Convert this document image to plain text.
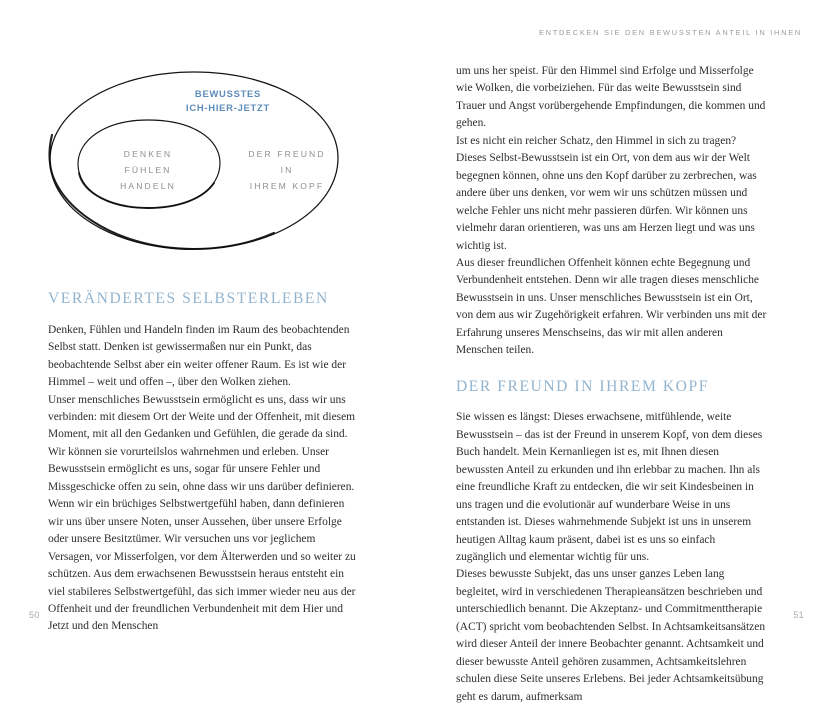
ENTDECKEN SIE DEN BEWUSSTEN ANTEIL IN IHNEN
BEWUSSTES
ICH-HIER-JETZT
DENKEN
FÜHLEN
HANDELN
DER FREUND
IN
IHREM KOPF
VERÄNDERTES SELBSTERLEBEN

Denken, Fühlen und Handeln finden im Raum des beobachtenden Selbst statt. Denken ist gewissermaßen nur ein Punkt, das beobachtende Selbst aber ein weiter offener Raum. Es ist wie der Himmel – weit und offen –, über den Wolken ziehen.

Unser menschliches Bewusstsein ermöglicht es uns, dass wir uns verbinden: mit diesem Ort der Weite und der Offenheit, mit diesem Moment, mit all den Gedanken und Gefühlen, die gerade da sind. Wir können sie vorurteilslos wahrnehmen und erleben. Unser Bewusstsein ermöglicht es uns, sogar für unsere Fehler und Missgeschicke offen zu sein, ohne dass wir uns darüber definieren.

Wenn wir ein brüchiges Selbstwertgefühl haben, dann definieren wir uns über unsere Noten, unser Aussehen, über unsere Erfolge oder unsere Besitztümer. Wir versuchen uns vor jeglichem Versagen, vor Misserfolgen, vor dem Älterwerden und so weiter zu schützen. Aus dem erwachsenen Bewusstsein heraus entsteht ein viel stabileres Selbstwertgefühl, das sich immer wieder neu aus der Offenheit und der freundlichen Verbundenheit mit dem Hier und Jetzt und den Menschen

50

um uns her speist. Für den Himmel sind Erfolge und Misserfolge wie Wolken, die vorbeiziehen. Für das weite Bewusstsein sind Trauer und Angst vorübergehende Empfindungen, die kommen und gehen.

Ist es nicht ein reicher Schatz, den Himmel in sich zu tragen? Dieses Selbst-Bewusstsein ist ein Ort, von dem aus wir der Welt begegnen können, ohne uns den Kopf darüber zu zerbrechen, was andere über uns denken, vor wem wir uns schützen müssen und welche Fehler uns nicht mehr passieren dürfen. Wir können uns vielmehr daran orientieren, was uns am Herzen liegt und was uns wichtig ist.

Aus dieser freundlichen Offenheit können echte Begegnung und Verbundenheit entstehen. Denn wir alle tragen dieses menschliche Bewusstsein in uns. Unser menschliches Bewusstsein ist ein Ort, von dem aus wir Zugehörigkeit erfahren. Wir verbinden uns mit der Erfahrung unseres Menschseins, das wir mit allen anderen Menschen teilen.

DER FREUND IN IHREM KOPF

Sie wissen es längst: Dieses erwachsene, mitfühlende, weite Bewusstsein – das ist der Freund in unserem Kopf, von dem dieses Buch handelt. Mein Kernanliegen ist es, mit Ihnen diesen bewussten Anteil zu erkunden und ihn erlebbar zu machen. Ihn als eine freundliche Kraft zu entdecken, die wir seit Kindesbeinen in uns tragen und die evolutionär auf wunderbare Weise in uns entstanden ist. Dieses wahrnehmende Subjekt ist uns in unserem heutigen Alltag kaum präsent, dabei ist es uns so einfach zugänglich und elementar wichtig für uns.

Dieses bewusste Subjekt, das uns unser ganzes Leben lang begleitet, wird in verschiedenen Therapieansätzen beschrieben und unterschiedlich benannt. Die Akzeptanz- und Commitmenttherapie (ACT) spricht vom beobachtenden Selbst. In Achtsamkeitsansätzen wird dieser Anteil der innere Beobachter genannt. Achtsamkeit und dieser bewusste Anteil gehören zusammen, Achtsamkeitslehren schulen diese Seite unseres Erlebens. Bei jeder Achtsamkeitsübung geht es darum, aufmerksam

51
